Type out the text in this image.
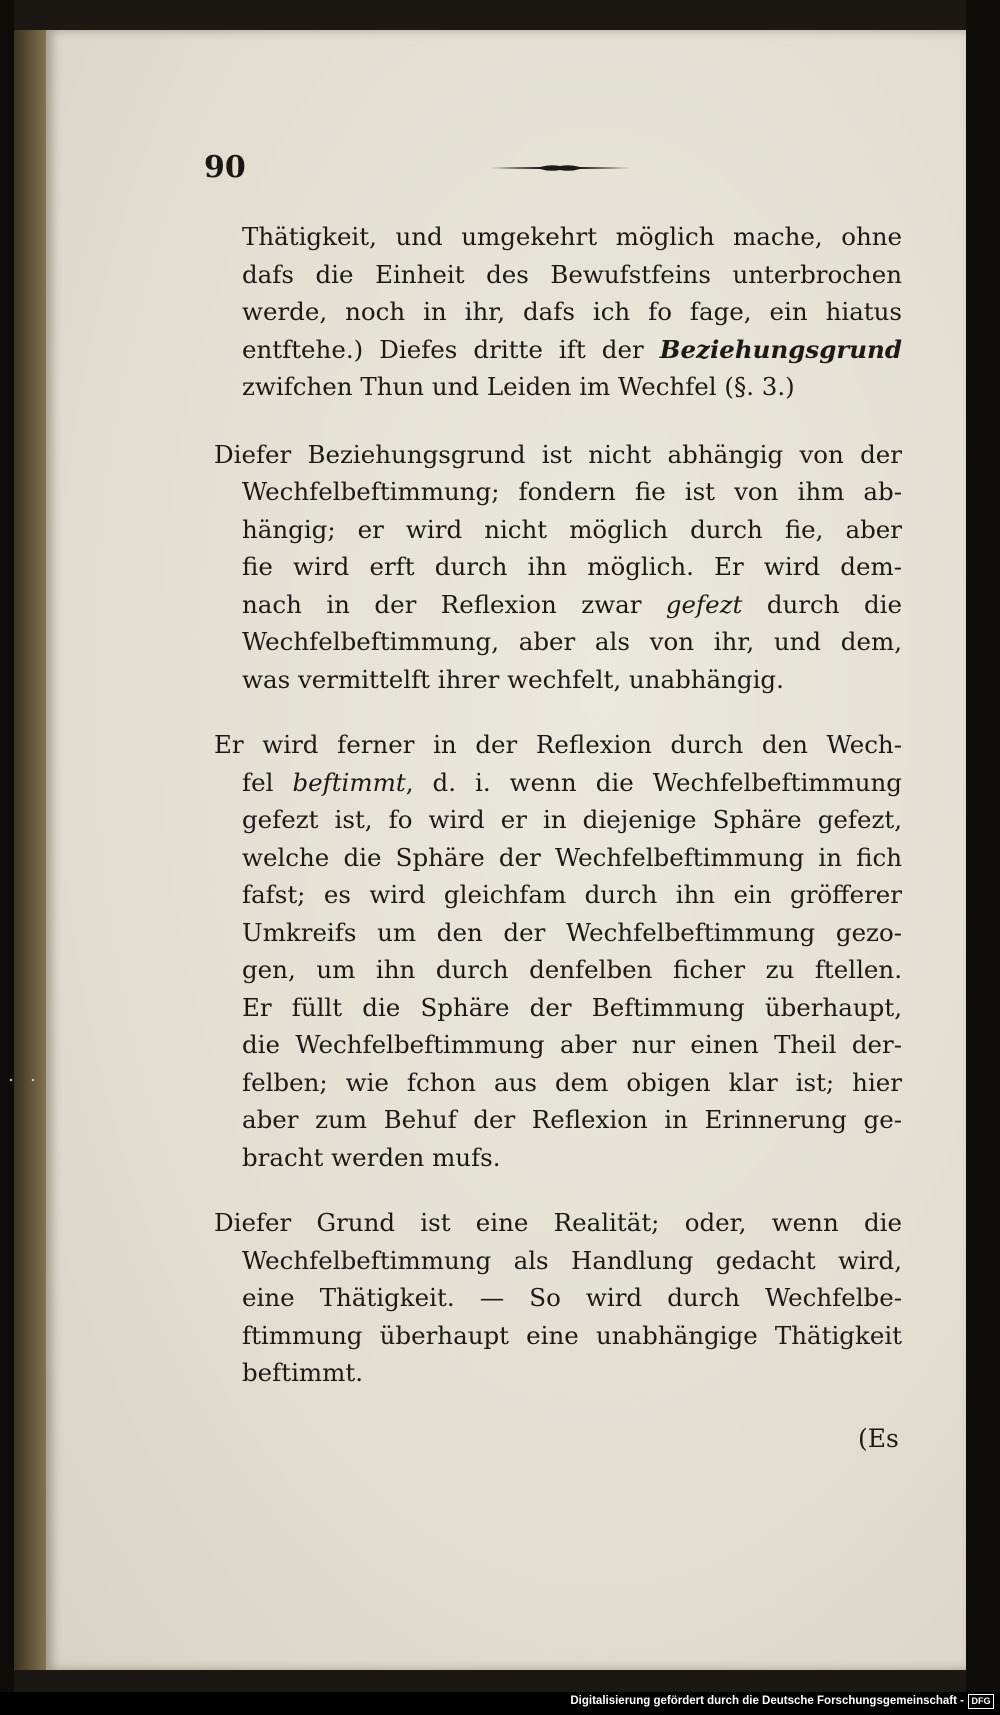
90

Thätigkeit, und umgekehrt möglich mache, ohne
dafs die Einheit des Bewufstfeins unterbrochen
werde, noch in ihr, dafs ich fo fage, ein hiatus
entftehe.) Diefes dritte ift der Beziehungsgrund
zwifchen Thun und Leiden im Wechfel (§. 3.)

Diefer Beziehungsgrund ist nicht abhängig von der
Wechfelbeftimmung; fondern fie ist von ihm ab-
hängig; er wird nicht möglich durch fie, aber
fie wird erft durch ihn möglich. Er wird dem-
nach in der Reflexion zwar gefezt durch die
Wechfelbeftimmung, aber als von ihr, und dem,
was vermittelft ihrer wechfelt, unabhängig.

Er wird ferner in der Reflexion durch den Wech-
fel beftimmt, d. i. wenn die Wechfelbeftimmung
gefezt ist, fo wird er in diejenige Sphäre gefezt,
welche die Sphäre der Wechfelbeftimmung in fich
fafst; es wird gleichfam durch ihn ein gröfferer
Umkreifs um den der Wechfelbeftimmung gezo-
gen, um ihn durch denfelben ficher zu ftellen.
Er füllt die Sphäre der Beftimmung überhaupt,
die Wechfelbeftimmung aber nur einen Theil der-
felben; wie fchon aus dem obigen klar ist; hier
aber zum Behuf der Reflexion in Erinnerung ge-
bracht werden mufs.

Diefer Grund ist eine Realität; oder, wenn die
Wechfelbeftimmung als Handlung gedacht wird,
eine Thätigkeit. — So wird durch Wechfelbe-
ftimmung überhaupt eine unabhängige Thätigkeit
beftimmt.

(Es
Digitalisierung gefördert durch die Deutsche Forschungsgemeinschaft - DFG
